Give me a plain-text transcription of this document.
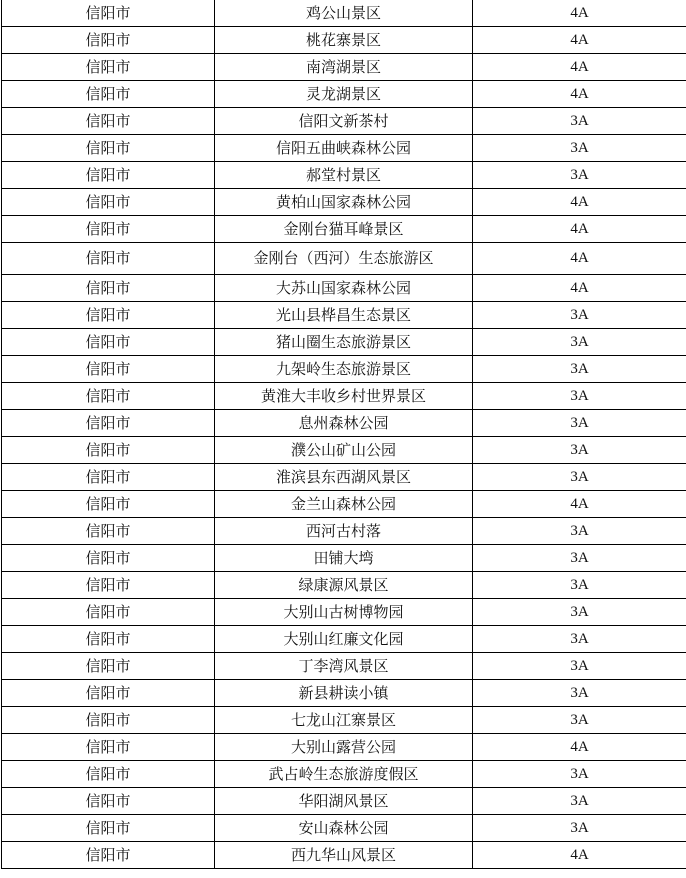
信阳市	鸡公山景区	4A
信阳市	桃花寨景区	4A
信阳市	南湾湖景区	4A
信阳市	灵龙湖景区	4A
信阳市	信阳文新茶村	3A
信阳市	信阳五曲峡森林公园	3A
信阳市	郝堂村景区	3A
信阳市	黄柏山国家森林公园	4A
信阳市	金刚台猫耳峰景区	4A
信阳市	金刚台（西河）生态旅游区	4A
信阳市	大苏山国家森林公园	4A
信阳市	光山县桦昌生态景区	3A
信阳市	猪山圈生态旅游景区	3A
信阳市	九架岭生态旅游景区	3A
信阳市	黄淮大丰收乡村世界景区	3A
信阳市	息州森林公园	3A
信阳市	濮公山矿山公园	3A
信阳市	淮滨县东西湖风景区	3A
信阳市	金兰山森林公园	4A
信阳市	西河古村落	3A
信阳市	田铺大塆	3A
信阳市	绿康源风景区	3A
信阳市	大别山古树博物园	3A
信阳市	大别山红廉文化园	3A
信阳市	丁李湾风景区	3A
信阳市	新县耕读小镇	3A
信阳市	七龙山江寨景区	3A
信阳市	大别山露营公园	4A
信阳市	武占岭生态旅游度假区	3A
信阳市	华阳湖风景区	3A
信阳市	安山森林公园	3A
信阳市	西九华山风景区	4A
